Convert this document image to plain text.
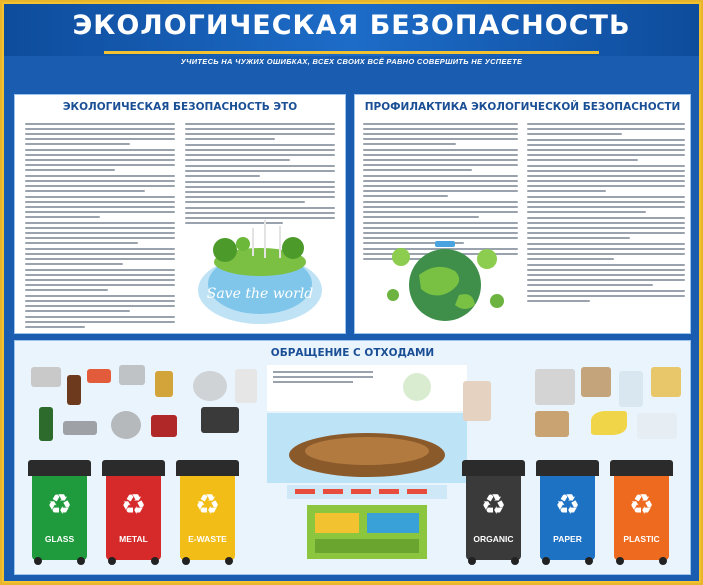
ЭКОЛОГИЧЕСКАЯ БЕЗОПАСНОСТЬ
УЧИТЕСЬ НА ЧУЖИХ ОШИБКАХ, ВСЕХ СВОИХ ВСЁ РАВНО СОВЕРШИТЬ НЕ УСПЕЕТЕ
ЭКОЛОГИЧЕСКАЯ БЕЗОПАСНОСТЬ ЭТО
Save the world
ПРОФИЛАКТИКА ЭКОЛОГИЧЕСКОЙ БЕЗОПАСНОСТИ
ОБРАЩЕНИЕ С ОТХОДАМИ
♻
GLASS
♻
METAL
♻
E-WASTE
♻
ORGANIC
♻
PAPER
♻
PLASTIC
